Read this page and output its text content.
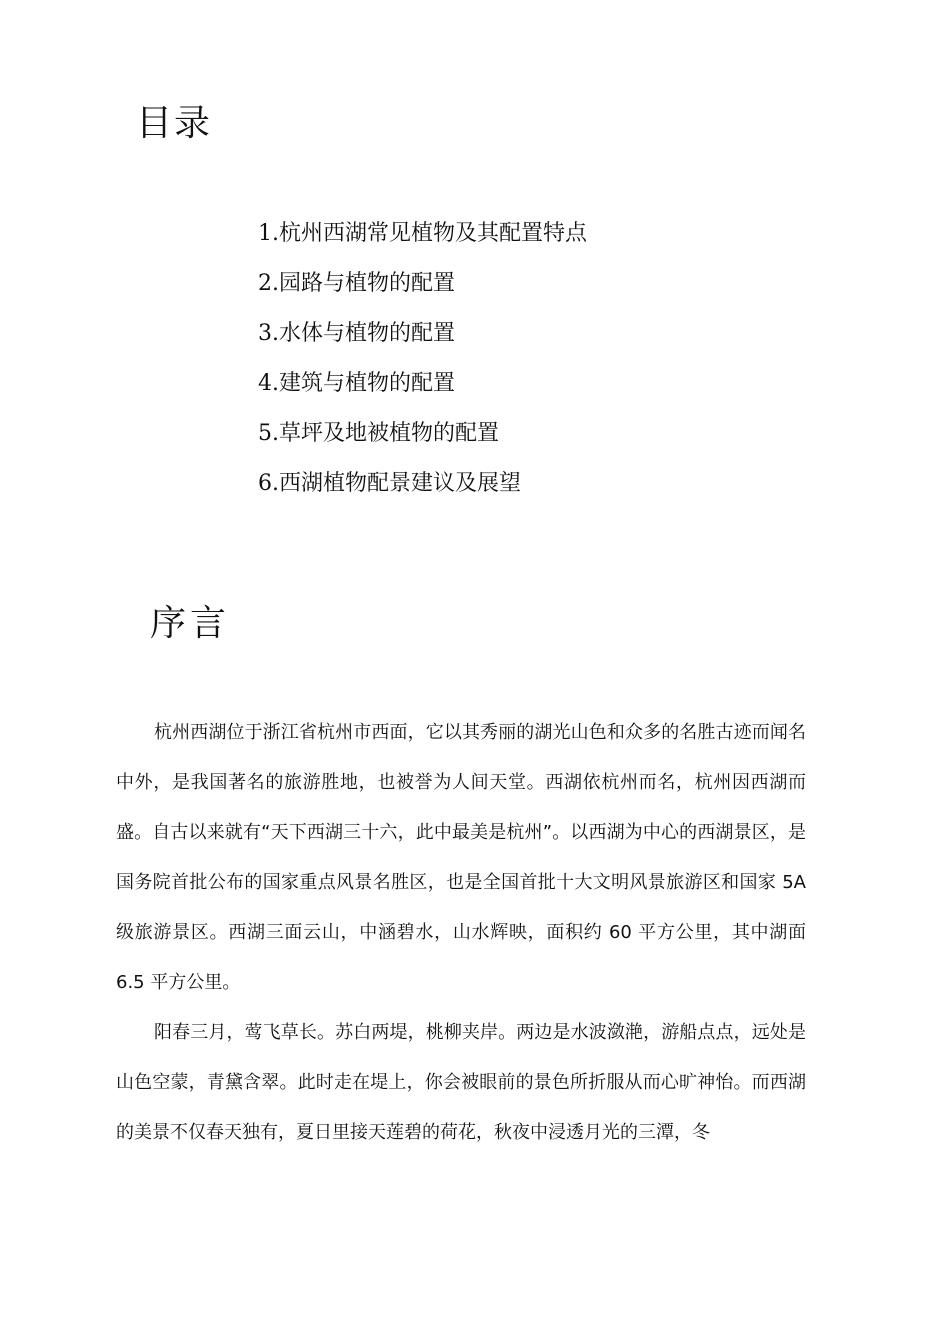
目录
1.杭州西湖常见植物及其配置特点
2.园路与植物的配置
3.水体与植物的配置
4.建筑与植物的配置
5.草坪及地被植物的配置
6.西湖植物配景建议及展望
序言

杭州西湖位于浙江省杭州市西面，它以其秀丽的湖光山色和众多的名胜古迹而闻名中外，是我国著名的旅游胜地，也被誉为人间天堂。西湖依杭州而名，杭州因西湖而盛。自古以来就有“天下西湖三十六，此中最美是杭州”。以西湖为中心的西湖景区，是国务院首批公布的国家重点风景名胜区，也是全国首批十大文明风景旅游区和国家 5A 级旅游景区。西湖三面云山，中涵碧水，山水辉映，面积约 60 平方公里，其中湖面 6.5 平方公里。

阳春三月，莺飞草长。苏白两堤，桃柳夹岸。两边是水波潋滟，游船点点，远处是山色空蒙，青黛含翠。此时走在堤上，你会被眼前的景色所折服从而心旷神怡。而西湖的美景不仅春天独有，夏日里接天莲碧的荷花，秋夜中浸透月光的三潭，冬
